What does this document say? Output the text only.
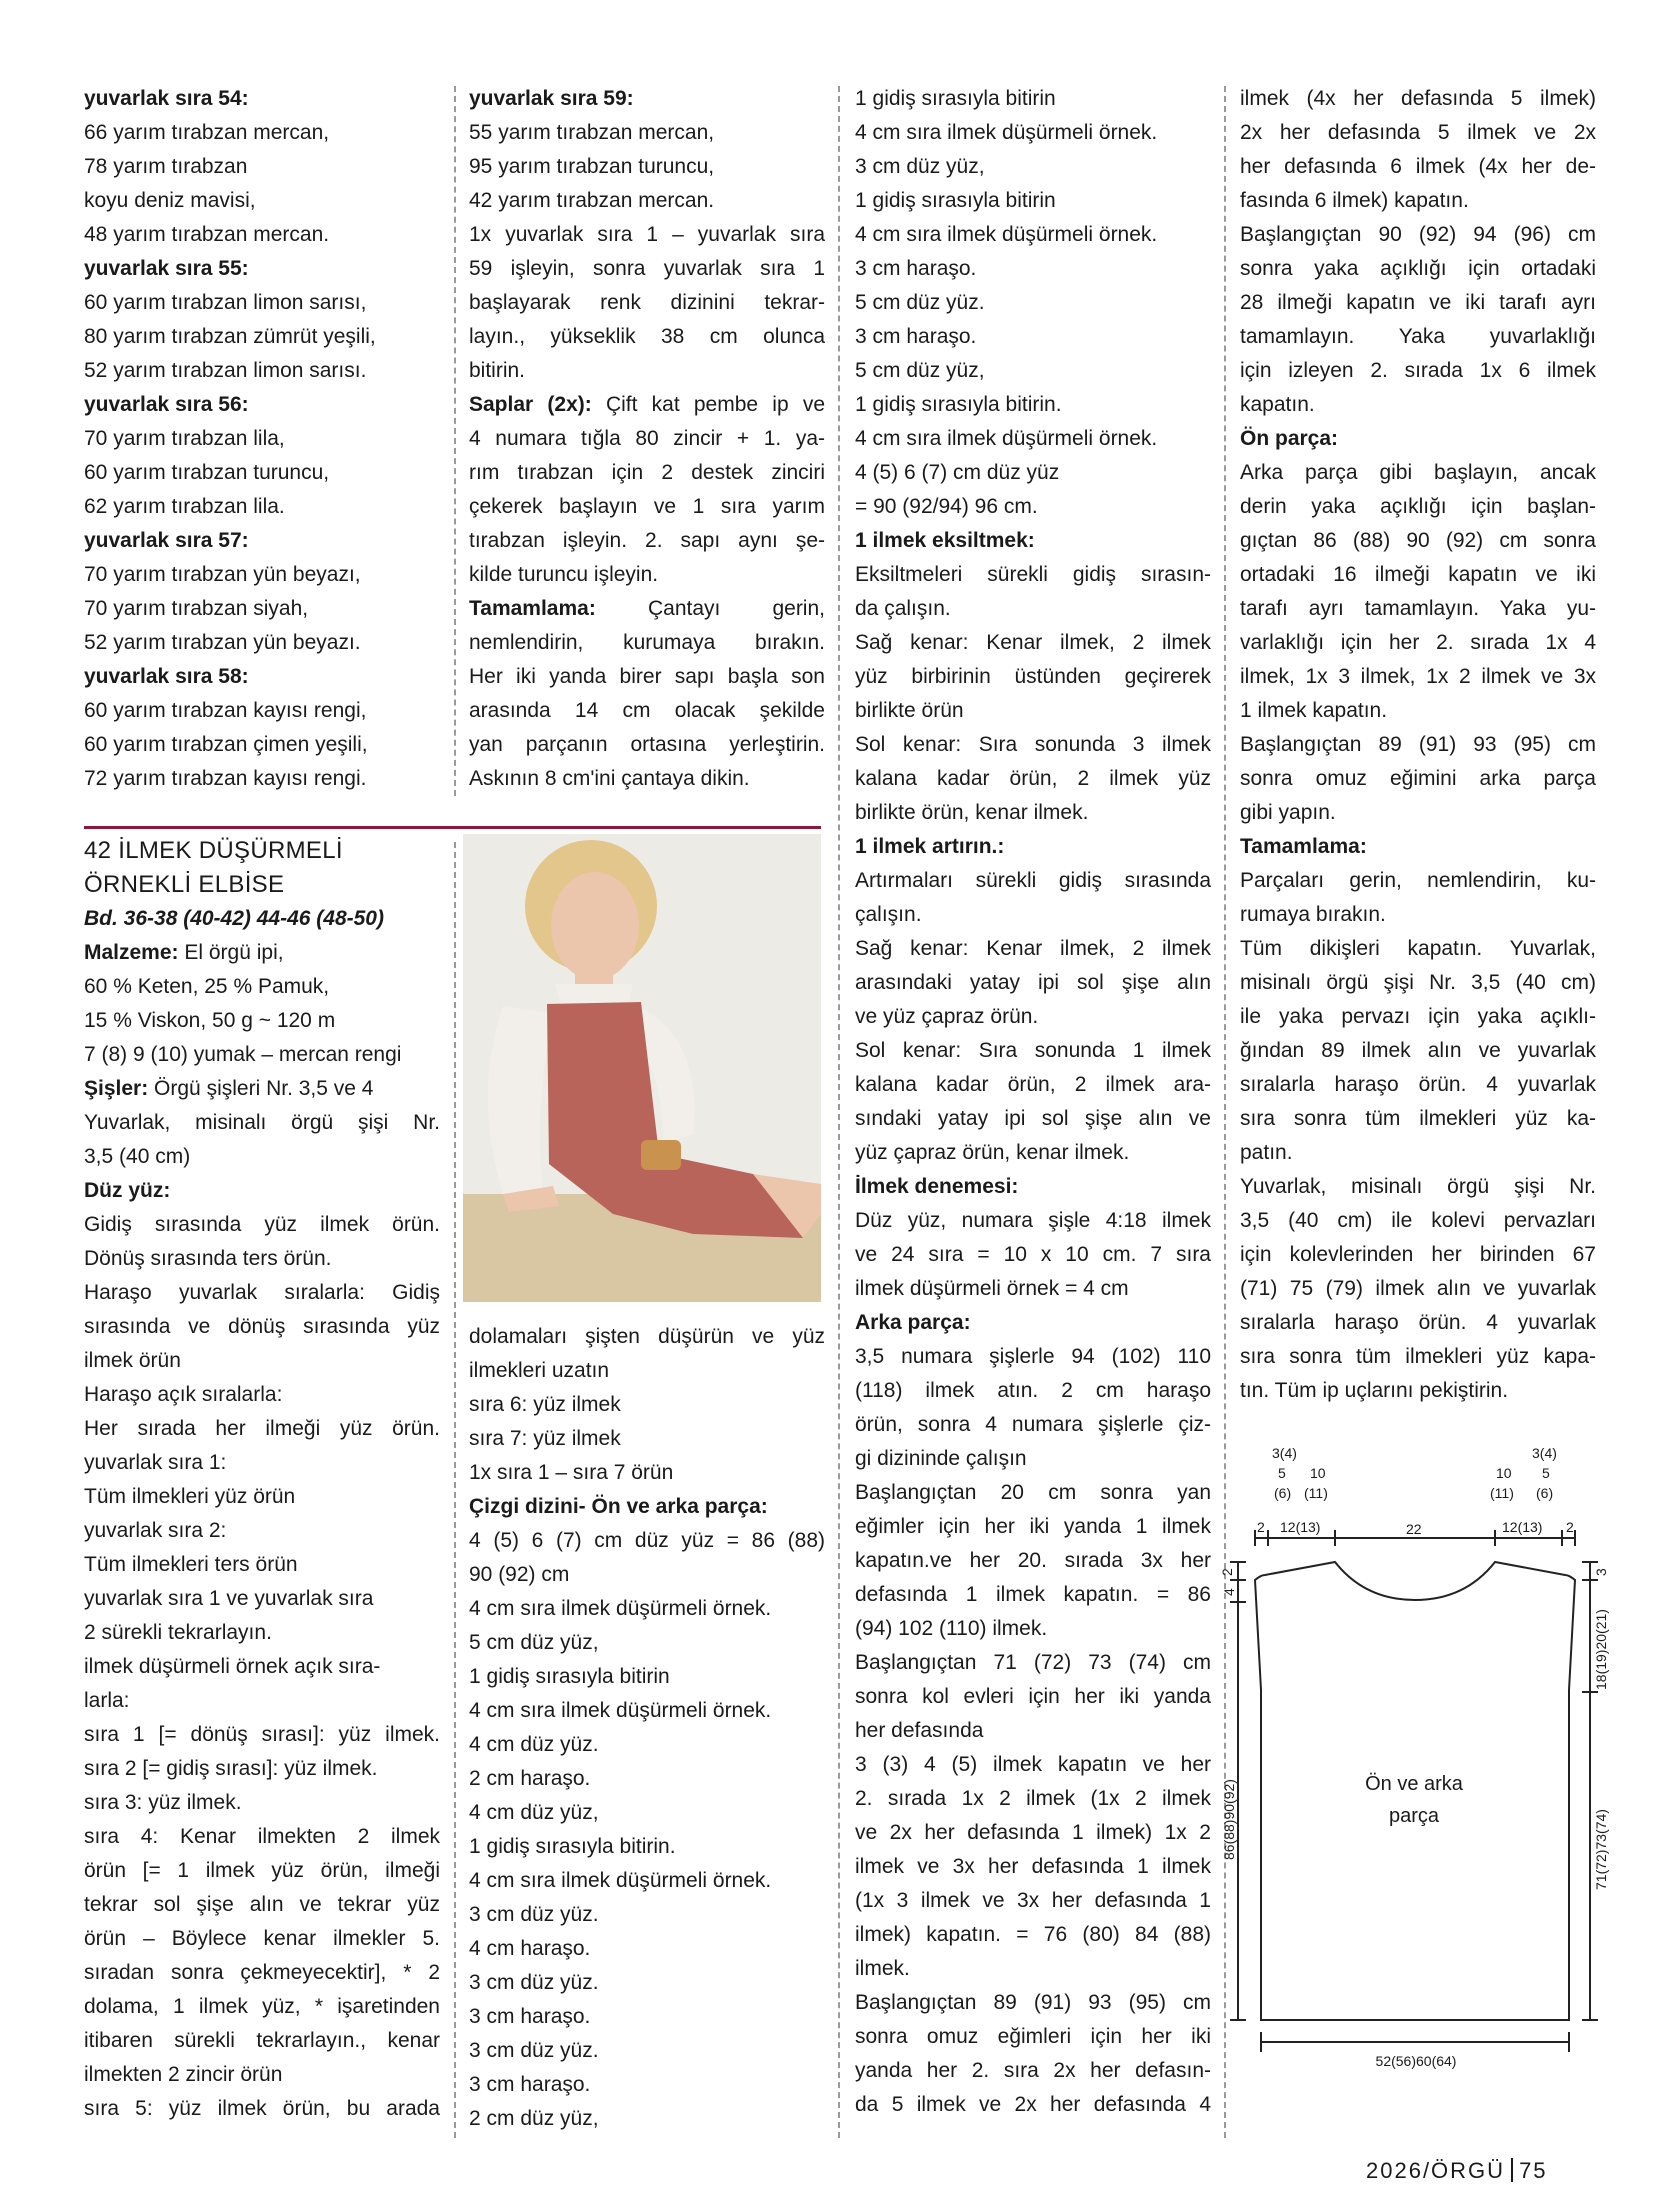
yuvarlak sıra 54:
66 yarım tırabzan mercan,
78 yarım tırabzan
koyu deniz mavisi,
48 yarım tırabzan mercan.
yuvarlak sıra 55:
60 yarım tırabzan limon sarısı,
80 yarım tırabzan zümrüt yeşili,
52 yarım tırabzan limon sarısı.
yuvarlak sıra 56:
70 yarım tırabzan lila,
60 yarım tırabzan turuncu,
62 yarım tırabzan lila.
yuvarlak sıra 57:
70 yarım tırabzan yün beyazı,
70 yarım tırabzan siyah,
52 yarım tırabzan yün beyazı.
yuvarlak sıra 58:
60 yarım tırabzan kayısı rengi,
60 yarım tırabzan çimen yeşili,
72 yarım tırabzan kayısı rengi.
yuvarlak sıra 59:
55 yarım tırabzan mercan,
95 yarım tırabzan turuncu,
42 yarım tırabzan mercan.
1x yuvarlak sıra 1 – yuvarlak sıra
59 işleyin, sonra yuvarlak sıra 1
başlayarak renk dizinini tekrar-
layın., yükseklik 38 cm olunca
bitirin.
Saplar (2x): Çift kat pembe ip ve
4 numara tığla 80 zincir + 1. ya-
rım tırabzan için 2 destek zinciri
çekerek başlayın ve 1 sıra yarım
tırabzan işleyin. 2. sapı aynı şe-
kilde turuncu işleyin.
Tamamlama: Çantayı gerin,
nemlendirin, kurumaya bırakın.
Her iki yanda birer sapı başla son
arasında 14 cm olacak şekilde
yan parçanın ortasına yerleştirin.
Askının 8 cm'ini çantaya dikin.
42 İLMEK DÜŞÜRMELİ
ÖRNEKLİ ELBİSE
Bd. 36-38 (40-42) 44-46 (48-50)
Malzeme: El örgü ipi,
60 % Keten, 25 % Pamuk,
15 % Viskon, 50 g ~ 120 m
7 (8) 9 (10) yumak – mercan rengi
Şişler: Örgü şişleri Nr. 3,5 ve 4
Yuvarlak, misinalı örgü şişi Nr.
3,5 (40 cm)
Düz yüz:
Gidiş sırasında yüz ilmek örün.
Dönüş sırasında ters örün.
Haraşo yuvarlak sıralarla: Gidiş
sırasında ve dönüş sırasında yüz
ilmek örün
Haraşo açık sıralarla:
Her sırada her ilmeği yüz örün.
yuvarlak sıra 1:
Tüm ilmekleri yüz örün
yuvarlak sıra 2:
Tüm ilmekleri ters örün
yuvarlak sıra 1 ve yuvarlak sıra
2 sürekli tekrarlayın.
ilmek düşürmeli örnek açık sıra-
larla:
sıra 1 [= dönüş sırası]: yüz ilmek.
sıra 2 [= gidiş sırası]: yüz ilmek.
sıra 3: yüz ilmek.
sıra 4: Kenar ilmekten 2 ilmek
örün [= 1 ilmek yüz örün, ilmeği
tekrar sol şişe alın ve tekrar yüz
örün – Böylece kenar ilmekler 5.
sıradan sonra çekmeyecektir], * 2
dolama, 1 ilmek yüz, * işaretinden
itibaren sürekli tekrarlayın., kenar
ilmekten 2 zincir örün
sıra 5: yüz ilmek örün, bu arada
dolamaları şişten düşürün ve yüz
ilmekleri uzatın
sıra 6: yüz ilmek
sıra 7: yüz ilmek
1x sıra 1 – sıra 7 örün
Çizgi dizini- Ön ve arka parça:
4 (5) 6 (7) cm düz yüz = 86 (88)
90 (92) cm
4 cm sıra ilmek düşürmeli örnek.
5 cm düz yüz,
1 gidiş sırasıyla bitirin
4 cm sıra ilmek düşürmeli örnek.
4 cm düz yüz.
2 cm haraşo.
4 cm düz yüz,
1 gidiş sırasıyla bitirin.
4 cm sıra ilmek düşürmeli örnek.
3 cm düz yüz.
4 cm haraşo.
3 cm düz yüz.
3 cm haraşo.
3 cm düz yüz.
3 cm haraşo.
2 cm düz yüz,
1 gidiş sırasıyla bitirin
4 cm sıra ilmek düşürmeli örnek.
3 cm düz yüz,
1 gidiş sırasıyla bitirin
4 cm sıra ilmek düşürmeli örnek.
3 cm haraşo.
5 cm düz yüz.
3 cm haraşo.
5 cm düz yüz,
1 gidiş sırasıyla bitirin.
4 cm sıra ilmek düşürmeli örnek.
4 (5) 6 (7) cm düz yüz
= 90 (92/94) 96 cm.
1 ilmek eksiltmek:
Eksiltmeleri sürekli gidiş sırasın-
da çalışın.
Sağ kenar: Kenar ilmek, 2 ilmek
yüz birbirinin üstünden geçirerek
birlikte örün
Sol kenar: Sıra sonunda 3 ilmek
kalana kadar örün, 2 ilmek yüz
birlikte örün, kenar ilmek.
1 ilmek artırın.:
Artırmaları sürekli gidiş sırasında
çalışın.
Sağ kenar: Kenar ilmek, 2 ilmek
arasındaki yatay ipi sol şişe alın
ve yüz çapraz örün.
Sol kenar: Sıra sonunda 1 ilmek
kalana kadar örün, 2 ilmek ara-
sındaki yatay ipi sol şişe alın ve
yüz çapraz örün, kenar ilmek.
İlmek denemesi:
Düz yüz, numara şişle 4:18 ilmek
ve 24 sıra = 10 x 10 cm. 7 sıra
ilmek düşürmeli örnek = 4 cm
Arka parça:
3,5 numara şişlerle 94 (102) 110
(118) ilmek atın. 2 cm haraşo
örün, sonra 4 numara şişlerle çiz-
gi dizininde çalışın
Başlangıçtan 20 cm sonra yan
eğimler için her iki yanda 1 ilmek
kapatın.ve her 20. sırada 3x her
defasında 1 ilmek kapatın. = 86
(94) 102 (110) ilmek.
Başlangıçtan 71 (72) 73 (74) cm
sonra kol evleri için her iki yanda
her defasında
3 (3) 4 (5) ilmek kapatın ve her
2. sırada 1x 2 ilmek (1x 2 ilmek
ve 2x her defasında 1 ilmek) 1x 2
ilmek ve 3x her defasında 1 ilmek
(1x 3 ilmek ve 3x her defasında 1
ilmek) kapatın. = 76 (80) 84 (88)
ilmek.
Başlangıçtan 89 (91) 93 (95) cm
sonra omuz eğimleri için her iki
yanda her 2. sıra 2x her defasın-
da 5 ilmek ve 2x her defasında 4
ilmek (4x her defasında 5 ilmek)
2x her defasında 5 ilmek ve 2x
her defasında 6 ilmek (4x her de-
fasında 6 ilmek) kapatın.
Başlangıçtan 90 (92) 94 (96) cm
sonra yaka açıklığı için ortadaki
28 ilmeği kapatın ve iki tarafı ayrı
tamamlayın. Yaka yuvarlaklığı
için izleyen 2. sırada 1x 6 ilmek
kapatın.
Ön parça:
Arka parça gibi başlayın, ancak
derin yaka açıklığı için başlan-
gıçtan 86 (88) 90 (92) cm sonra
ortadaki 16 ilmeği kapatın ve iki
tarafı ayrı tamamlayın. Yaka yu-
varlaklığı için her 2. sırada 1x 4
ilmek, 1x 3 ilmek, 1x 2 ilmek ve 3x
1 ilmek kapatın.
Başlangıçtan 89 (91) 93 (95) cm
sonra omuz eğimini arka parça
gibi yapın.
Tamamlama:
Parçaları gerin, nemlendirin, ku-
rumaya bırakın.
Tüm dikişleri kapatın. Yuvarlak,
misinalı örgü şişi Nr. 3,5 (40 cm)
ile yaka pervazı için yaka açıklı-
ğından 89 ilmek alın ve yuvarlak
sıralarla haraşo örün. 4 yuvarlak
sıra sonra tüm ilmekleri yüz ka-
patın.
Yuvarlak, misinalı örgü şişi Nr.
3,5 (40 cm) ile kolevi pervazları
için kolevlerinden her birinden 67
(71) 75 (79) ilmek alın ve yuvarlak
sıralarla haraşo örün. 4 yuvarlak
sıra sonra tüm ilmekleri yüz kapa-
tın. Tüm ip uçlarını pekiştirin.
3(4)
5
(6)
10
(11)
3(4)
5
(6)
10
(11)
2 12(13)	22	12(13) 2
2
4
3
18(19)20(21)
86(88)90(92)	71(72)73(74)
Ön ve arka
parça
52(56)60(64)
2026/ÖRGÜ 75
